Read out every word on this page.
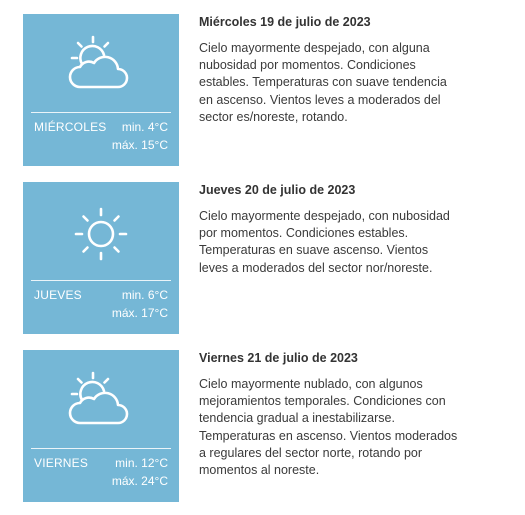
MIÉRCOLES min. 4°C
máx. 15°C

Miércoles 19 de julio de 2023

Cielo mayormente despejado, con alguna nubosidad por momentos. Condiciones estables. Temperaturas con suave tendencia en ascenso. Vientos leves a moderados del sector es/noreste, rotando.

JUEVES	min. 6°C
máx. 17°C

Jueves 20 de julio de 2023

Cielo mayormente despejado, con nubosidad por momentos. Condiciones estables. Temperaturas en suave ascenso. Vientos leves a moderados del sector nor/noreste.

VIERNES min. 12°C
máx. 24°C

Viernes 21 de julio de 2023

Cielo mayormente nublado, con algunos mejoramientos temporales. Condiciones con tendencia gradual a inestabilizarse. Temperaturas en ascenso. Vientos moderados a regulares del sector norte, rotando por momentos al noreste.
